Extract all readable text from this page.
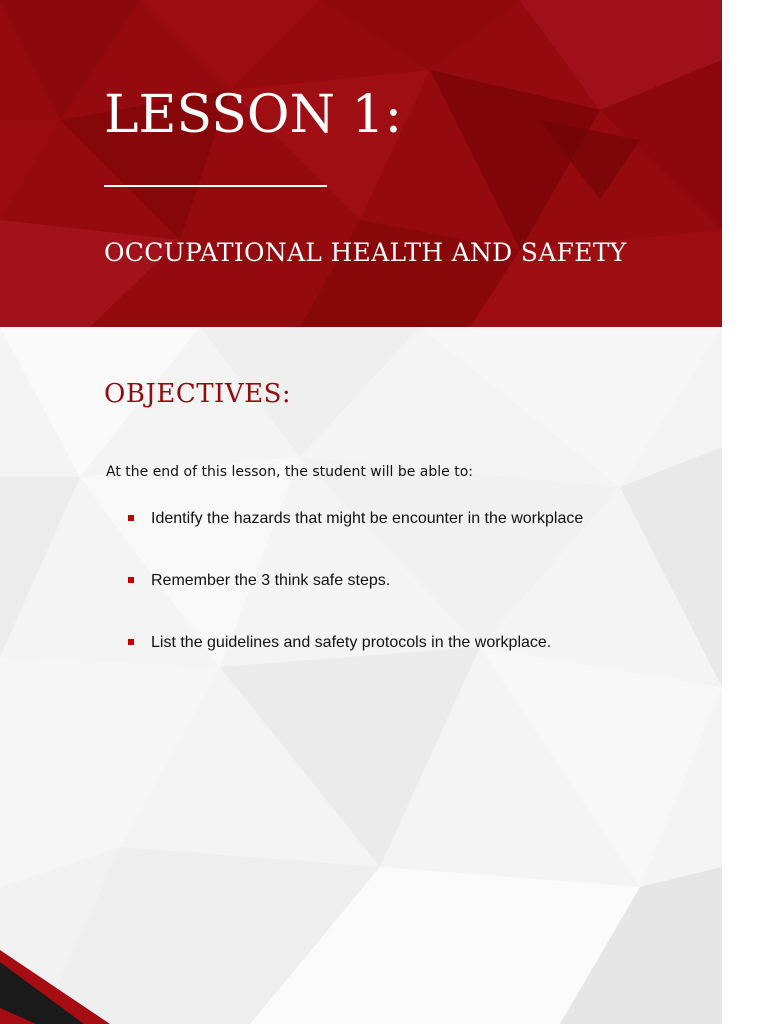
LESSON 1:
OCCUPATIONAL HEALTH AND SAFETY
OBJECTIVES:

At the end of this lesson, the student will be able to:

Identify the hazards that might be encounter in the workplace
Remember the 3 think safe steps.
List the guidelines and safety protocols in the workplace.
